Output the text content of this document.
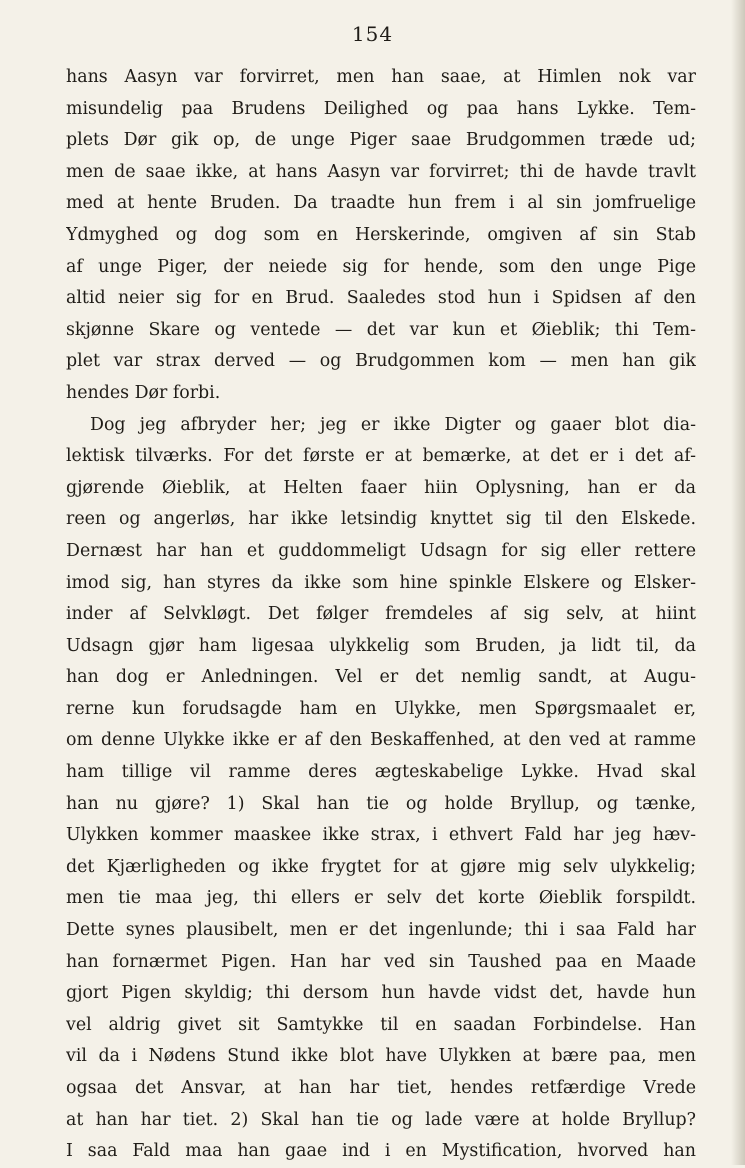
154
hans Aasyn var forvirret, men han saae, at Himlen nok var
misundelig paa Brudens Deilighed og paa hans Lykke. Tem-
plets Dør gik op, de unge Piger saae Brudgommen træde ud;
men de saae ikke, at hans Aasyn var forvirret; thi de havde travlt
med at hente Bruden. Da traadte hun frem i al sin jomfruelige
Ydmyghed og dog som en Herskerinde, omgiven af sin Stab
af unge Piger, der neiede sig for hende, som den unge Pige
altid neier sig for en Brud. Saaledes stod hun i Spidsen af den
skjønne Skare og ventede — det var kun et Øieblik; thi Tem-
plet var strax derved — og Brudgommen kom — men han gik
hendes Dør forbi.
Dog jeg afbryder her; jeg er ikke Digter og gaaer blot dia-
lektisk tilværks. For det første er at bemærke, at det er i det af-
gjørende Øieblik, at Helten faaer hiin Oplysning, han er da
reen og angerløs, har ikke letsindig knyttet sig til den Elskede.
Dernæst har han et guddommeligt Udsagn for sig eller rettere
imod sig, han styres da ikke som hine spinkle Elskere og Elsker-
inder af Selvkløgt. Det følger fremdeles af sig selv, at hiint
Udsagn gjør ham ligesaa ulykkelig som Bruden, ja lidt til, da
han dog er Anledningen. Vel er det nemlig sandt, at Augu-
rerne kun forudsagde ham en Ulykke, men Spørgsmaalet er,
om denne Ulykke ikke er af den Beskaffenhed, at den ved at ramme
ham tillige vil ramme deres ægteskabelige Lykke. Hvad skal
han nu gjøre? 1) Skal han tie og holde Bryllup, og tænke,
Ulykken kommer maaskee ikke strax, i ethvert Fald har jeg hæv-
det Kjærligheden og ikke frygtet for at gjøre mig selv ulykkelig;
men tie maa jeg, thi ellers er selv det korte Øieblik forspildt.
Dette synes plausibelt, men er det ingenlunde; thi i saa Fald har
han fornærmet Pigen. Han har ved sin Taushed paa en Maade
gjort Pigen skyldig; thi dersom hun havde vidst det, havde hun
vel aldrig givet sit Samtykke til en saadan Forbindelse. Han
vil da i Nødens Stund ikke blot have Ulykken at bære paa, men
ogsaa det Ansvar, at han har tiet, hendes retfærdige Vrede
at han har tiet. 2) Skal han tie og lade være at holde Bryllup?
I saa Fald maa han gaae ind i en Mystification, hvorved han
